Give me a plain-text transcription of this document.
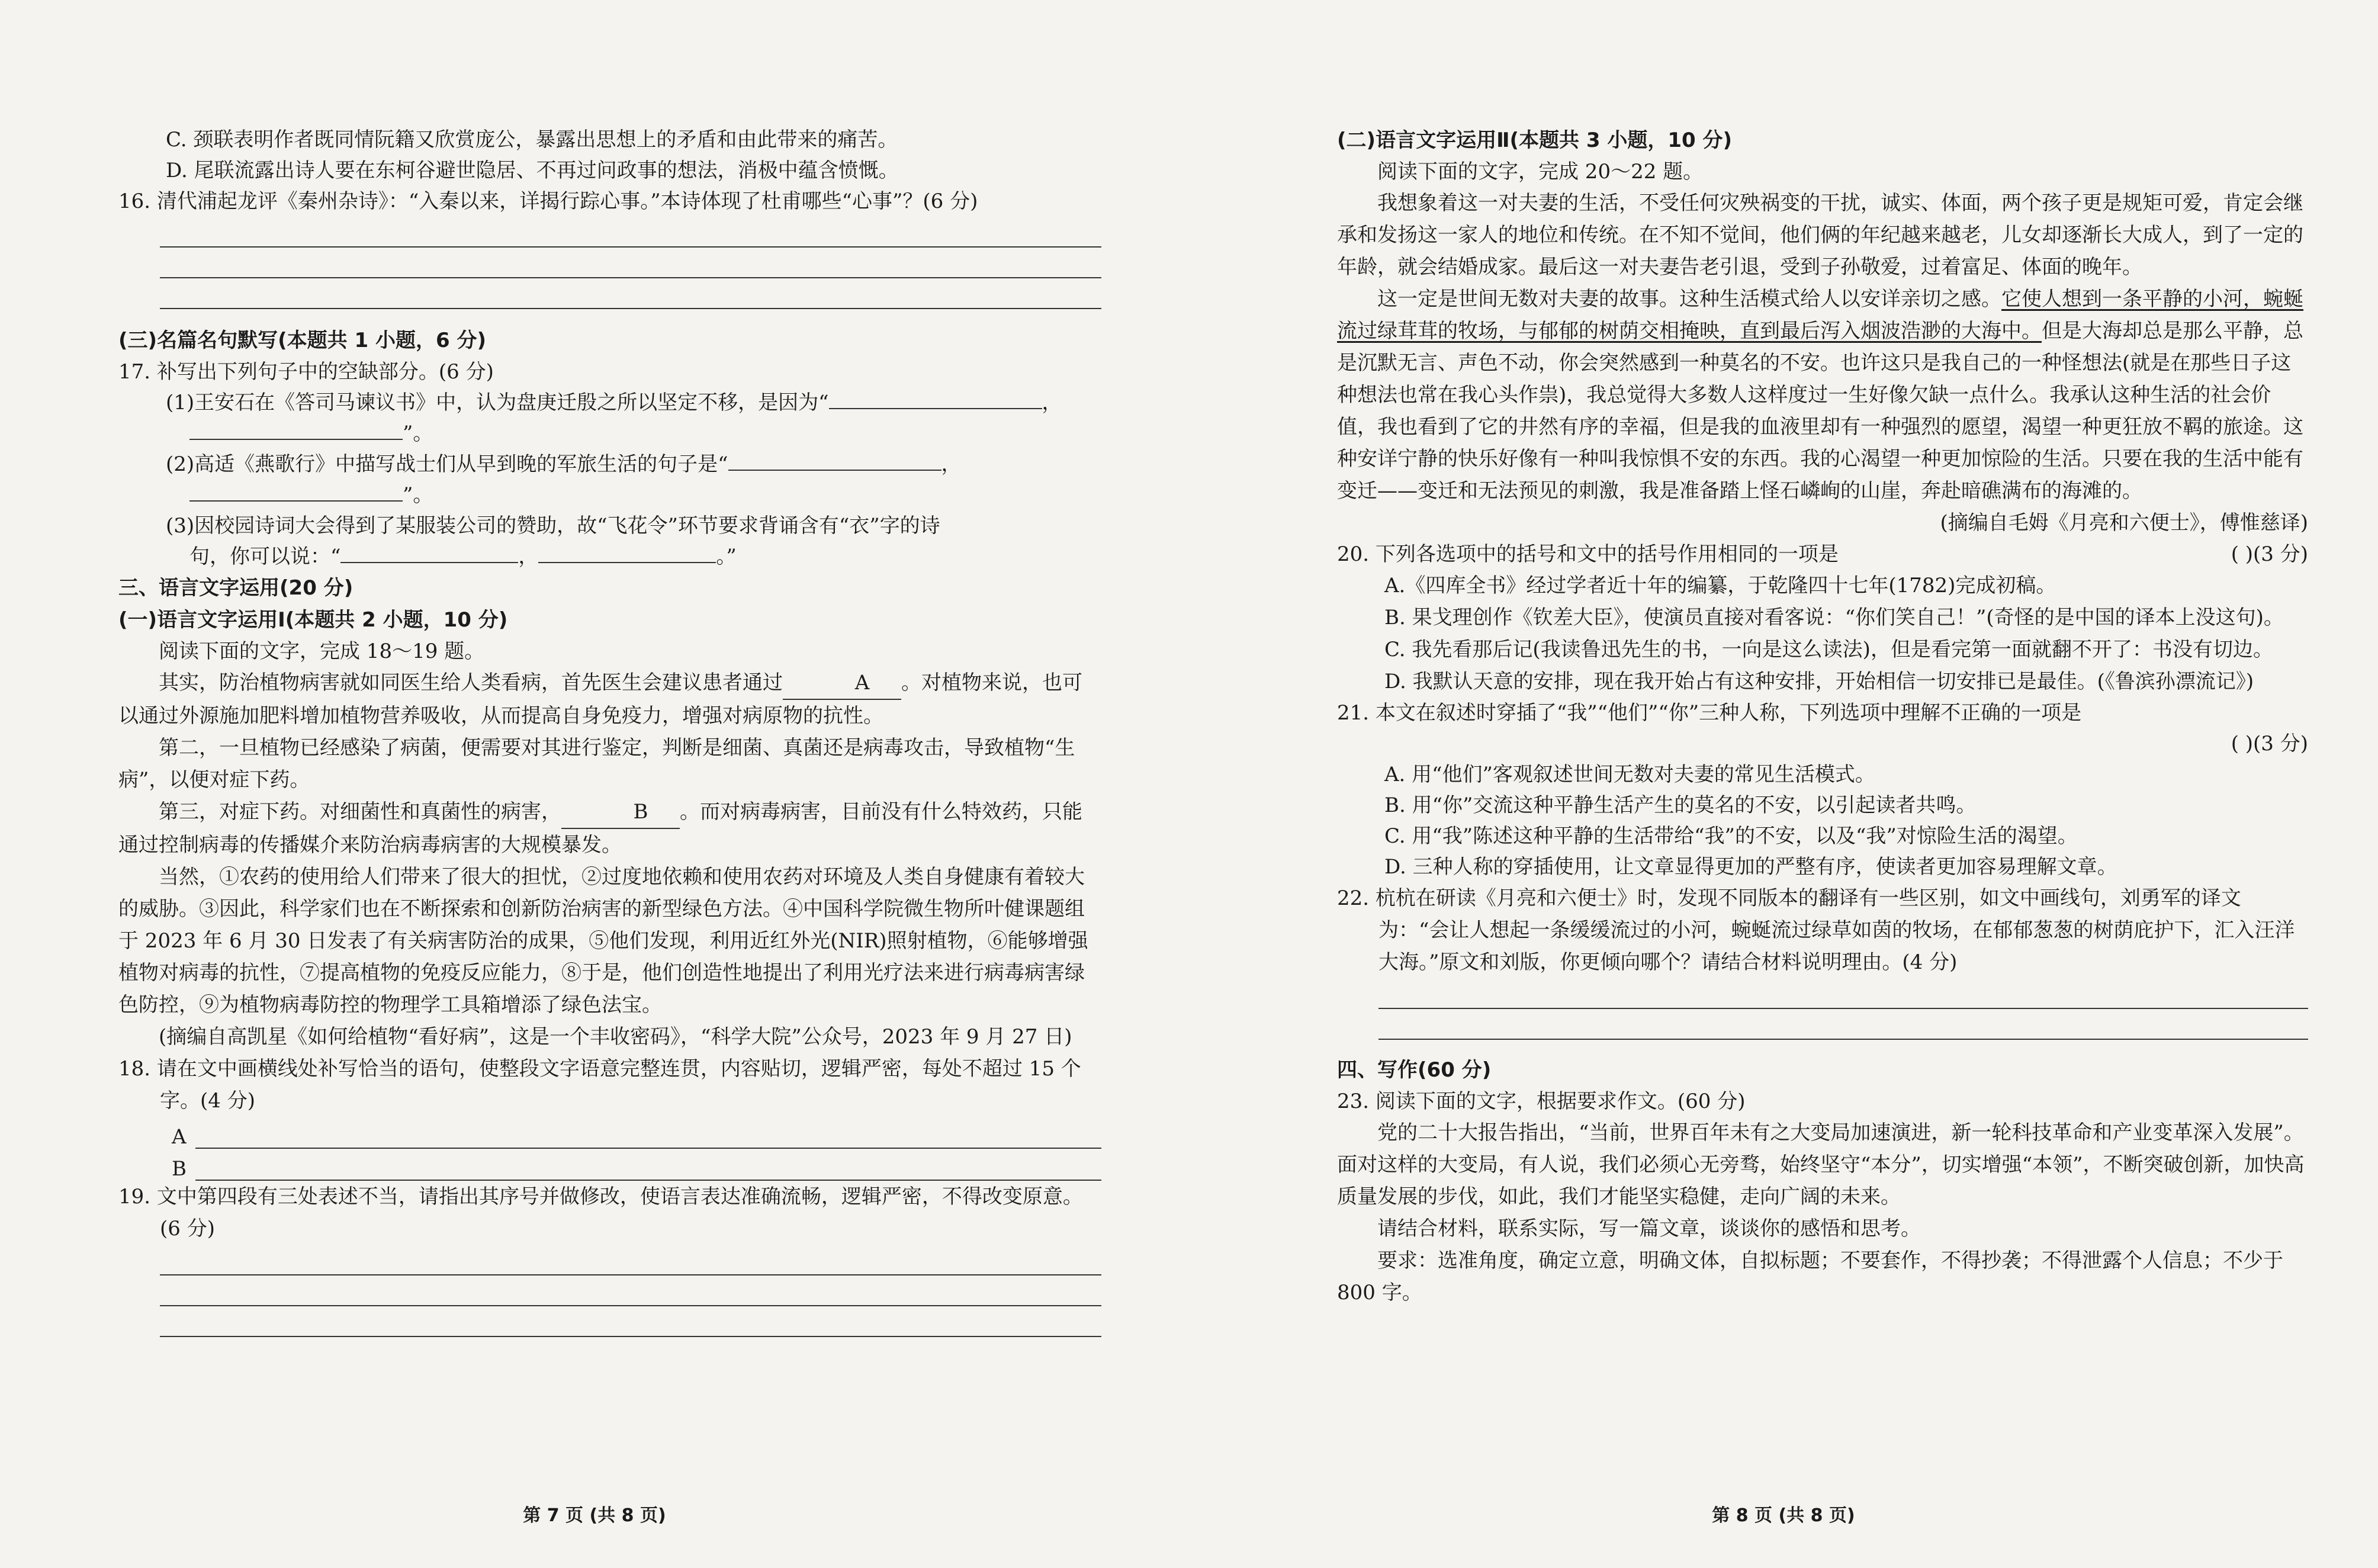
C. 颈联表明作者既同情阮籍又欣赏庞公，暴露出思想上的矛盾和由此带来的痛苦。

D. 尾联流露出诗人要在东柯谷避世隐居、不再过问政事的想法，消极中蕴含愤慨。

16. 清代浦起龙评《秦州杂诗》：“入秦以来，详揭行踪心事。”本诗体现了杜甫哪些“心事”？(6 分)

(三)名篇名句默写(本题共 1 小题，6 分)

17. 补写出下列句子中的空缺部分。(6 分)

(1)王安石在《答司马谏议书》中，认为盘庚迁殷之所以坚定不移，是因为“	，

”。

(2)高适《燕歌行》中描写战士们从早到晚的军旅生活的句子是“	，

”。

(3)因校园诗词大会得到了某服装公司的赞助，故“飞花令”环节要求背诵含有“衣”字的诗

句，你可以说：“	，	。”

三、语言文字运用(20 分)

(一)语言文字运用Ⅰ(本题共 2 小题，10 分)

阅读下面的文字，完成 18～19 题。

其实，防治植物病害就如同医生给人类看病，首先医生会建议患者通过	A 。对植物来说，也可以通过外源施加肥料增加植物营养吸收，从而提高自身免疫力，增强对病原物的抗性。

第二，一旦植物已经感染了病菌，便需要对其进行鉴定，判断是细菌、真菌还是病毒攻击，导致植物“生病”，以便对症下药。

第三，对症下药。对细菌性和真菌性的病害，	B 。而对病毒病害，目前没有什么特效药，只能通过控制病毒的传播媒介来防治病毒病害的大规模暴发。

当然，①农药的使用给人们带来了很大的担忧，②过度地依赖和使用农药对环境及人类自身健康有着较大的威胁。③因此，科学家们也在不断探索和创新防治病害的新型绿色方法。④中国科学院微生物所叶健课题组于 2023 年 6 月 30 日发表了有关病害防治的成果，⑤他们发现，利用近红外光(NIR)照射植物，⑥能够增强植物对病毒的抗性，⑦提高植物的免疫反应能力，⑧于是，他们创造性地提出了利用光疗法来进行病毒病害绿色防控，⑨为植物病毒防控的物理学工具箱增添了绿色法宝。

(摘编自高凯星《如何给植物“看好病”，这是一个丰收密码》，“科学大院”公众号，2023 年 9 月 27 日)

18. 请在文中画横线处补写恰当的语句，使整段文字语意完整连贯，内容贴切，逻辑严密，每处不超过 15 个字。(4 分)

A
B

19. 文中第四段有三处表述不当，请指出其序号并做修改，使语言表达准确流畅，逻辑严密，不得改变原意。(6 分)

第 7 页 (共 8 页)

(二)语言文字运用Ⅱ(本题共 3 小题，10 分)

阅读下面的文字，完成 20～22 题。

我想象着这一对夫妻的生活，不受任何灾殃祸变的干扰，诚实、体面，两个孩子更是规矩可爱，肯定会继承和发扬这一家人的地位和传统。在不知不觉间，他们俩的年纪越来越老，儿女却逐渐长大成人，到了一定的年龄，就会结婚成家。最后这一对夫妻告老引退，受到子孙敬爱，过着富足、体面的晚年。

这一定是世间无数对夫妻的故事。这种生活模式给人以安详亲切之感。它使人想到一条平静的小河，蜿蜒流过绿茸茸的牧场，与郁郁的树荫交相掩映，直到最后泻入烟波浩渺的大海中。但是大海却总是那么平静，总是沉默无言、声色不动，你会突然感到一种莫名的不安。也许这只是我自己的一种怪想法(就是在那些日子这种想法也常在我心头作祟)，我总觉得大多数人这样度过一生好像欠缺一点什么。我承认这种生活的社会价值，我也看到了它的井然有序的幸福，但是我的血液里却有一种强烈的愿望，渴望一种更狂放不羁的旅途。这种安详宁静的快乐好像有一种叫我惊惧不安的东西。我的心渴望一种更加惊险的生活。只要在我的生活中能有变迁——变迁和无法预见的刺激，我是准备踏上怪石嶙峋的山崖，奔赴暗礁满布的海滩的。

(摘编自毛姆《月亮和六便士》，傅惟慈译)

20. 下列各选项中的括号和文中的括号作用相同的一项是	( )(3 分)

A.《四库全书》经过学者近十年的编纂，于乾隆四十七年(1782)完成初稿。

B. 果戈理创作《钦差大臣》，使演员直接对看客说：“你们笑自己！”(奇怪的是中国的译本上没这句)。

C. 我先看那后记(我读鲁迅先生的书，一向是这么读法)，但是看完第一面就翻不开了：书没有切边。

D. 我默认天意的安排，现在我开始占有这种安排，开始相信一切安排已是最佳。(《鲁滨孙漂流记》)

21. 本文在叙述时穿插了“我”“他们”“你”三种人称，下列选项中理解不正确的一项是

( )(3 分)

A. 用“他们”客观叙述世间无数对夫妻的常见生活模式。

B. 用“你”交流这种平静生活产生的莫名的不安，以引起读者共鸣。

C. 用“我”陈述这种平静的生活带给“我”的不安，以及“我”对惊险生活的渴望。

D. 三种人称的穿插使用，让文章显得更加的严整有序，使读者更加容易理解文章。

22. 杭杭在研读《月亮和六便士》时，发现不同版本的翻译有一些区别，如文中画线句，刘勇军的译文为：“会让人想起一条缓缓流过的小河，蜿蜒流过绿草如茵的牧场，在郁郁葱葱的树荫庇护下，汇入汪洋大海。”原文和刘版，你更倾向哪个？请结合材料说明理由。(4 分)

四、写作(60 分)

23. 阅读下面的文字，根据要求作文。(60 分)

党的二十大报告指出，“当前，世界百年未有之大变局加速演进，新一轮科技革命和产业变革深入发展”。面对这样的大变局，有人说，我们必须心无旁骛，始终坚守“本分”，切实增强“本领”，不断突破创新，加快高质量发展的步伐，如此，我们才能坚实稳健，走向广阔的未来。

请结合材料，联系实际，写一篇文章，谈谈你的感悟和思考。

要求：选准角度，确定立意，明确文体，自拟标题；不要套作，不得抄袭；不得泄露个人信息；不少于 800 字。

第 8 页 (共 8 页)
